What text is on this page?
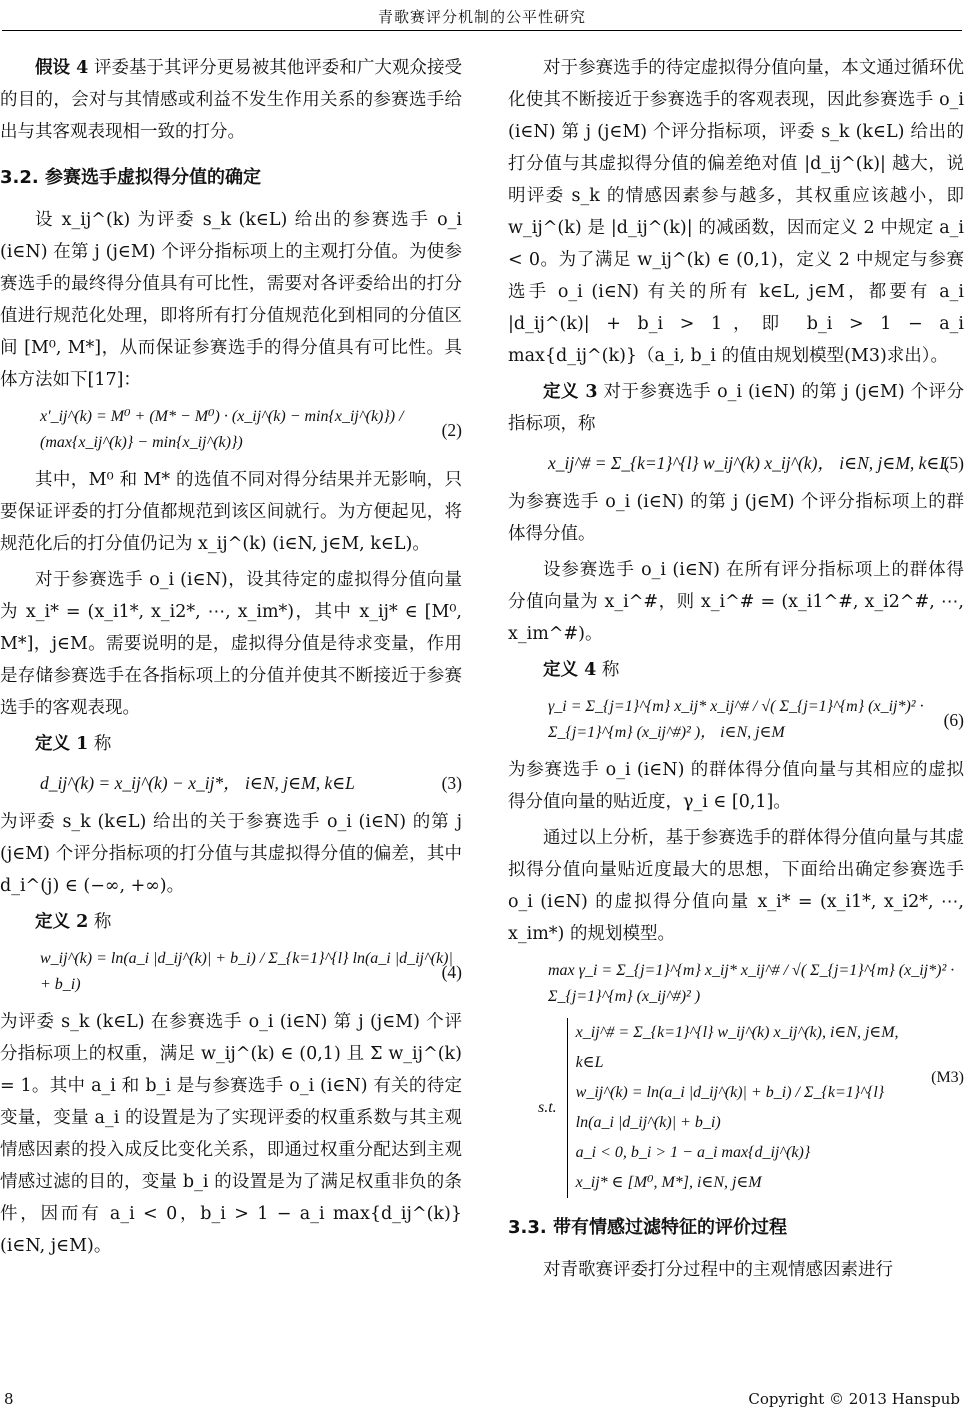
青歌赛评分机制的公平性研究

假设 4 评委基于其评分更易被其他评委和广大观众接受的目的，会对与其情感或利益不发生作用关系的参赛选手给出与其客观表现相一致的打分。

3.2. 参赛选手虚拟得分值的确定

设 x_ij^(k) 为评委 s_k (k∈L) 给出的参赛选手 o_i (i∈N) 在第 j (j∈M) 个评分指标项上的主观打分值。为使参赛选手的最终得分值具有可比性，需要对各评委给出的打分值进行规范化处理，即将所有打分值规范化到相同的分值区间 [M⁰, M*]，从而保证参赛选手的得分值具有可比性。具体方法如下[17]：

x′_ij^(k) = M⁰ + (M* − M⁰) · (x_ij^(k) − min{x_ij^(k)}) / (max{x_ij^(k)} − min{x_ij^(k)})
(2)

其中，M⁰ 和 M* 的选值不同对得分结果并无影响，只要保证评委的打分值都规范到该区间就行。为方便起见，将规范化后的打分值仍记为 x_ij^(k) (i∈N, j∈M, k∈L)。

对于参赛选手 o_i (i∈N)，设其待定的虚拟得分值向量为 x_i* = (x_i1*, x_i2*, ⋯, x_im*)，其中 x_ij* ∈ [M⁰, M*]，j∈M。需要说明的是，虚拟得分值是待求变量，作用是存储参赛选手在各指标项上的分值并使其不断接近于参赛选手的客观表现。

定义 1 称

d_ij^(k) = x_ij^(k) − x_ij*， i∈N, j∈M, k∈L	(3)

为评委 s_k (k∈L) 给出的关于参赛选手 o_i (i∈N) 的第 j (j∈M) 个评分指标项的打分值与其虚拟得分值的偏差，其中 d_i^(j) ∈ (−∞, +∞)。

定义 2 称

w_ij^(k) = ln(a_i |d_ij^(k)| + b_i) / Σ_{k=1}^{l} ln(a_i |d_ij^(k)| + b_i)
(4)

为评委 s_k (k∈L) 在参赛选手 o_i (i∈N) 第 j (j∈M) 个评分指标项上的权重，满足 w_ij^(k) ∈ (0,1) 且 Σ w_ij^(k) = 1。其中 a_i 和 b_i 是与参赛选手 o_i (i∈N) 有关的待定变量，变量 a_i 的设置是为了实现评委的权重系数与其主观情感因素的投入成反比变化关系，即通过权重分配达到主观情感过滤的目的，变量 b_i 的设置是为了满足权重非负的条件，因而有 a_i < 0，b_i > 1 − a_i max{d_ij^(k)} (i∈N, j∈M)。

对于参赛选手的待定虚拟得分值向量，本文通过循环优化使其不断接近于参赛选手的客观表现，因此参赛选手 o_i (i∈N) 第 j (j∈M) 个评分指标项，评委 s_k (k∈L) 给出的打分值与其虚拟得分值的偏差绝对值 |d_ij^(k)| 越大，说明评委 s_k 的情感因素参与越多，其权重应该越小，即 w_ij^(k) 是 |d_ij^(k)| 的减函数，因而定义 2 中规定 a_i < 0。为了满足 w_ij^(k) ∈ (0,1)，定义 2 中规定与参赛选手 o_i (i∈N) 有关的所有 k∈L, j∈M，都要有 a_i |d_ij^(k)| + b_i > 1，即 b_i > 1 − a_i max{d_ij^(k)}（a_i, b_i 的值由规划模型(M3)求出）。

定义 3 对于参赛选手 o_i (i∈N) 的第 j (j∈M) 个评分指标项，称

x_ij^# = Σ_{k=1}^{l} w_ij^(k) x_ij^(k)， i∈N, j∈M, k∈L
(5)

为参赛选手 o_i (i∈N) 的第 j (j∈M) 个评分指标项上的群体得分值。

设参赛选手 o_i (i∈N) 在所有评分指标项上的群体得分值向量为 x_i^#，则 x_i^# = (x_i1^#, x_i2^#, ⋯, x_im^#)。

定义 4 称

γ_i = Σ_{j=1}^{m} x_ij* x_ij^# / √( Σ_{j=1}^{m} (x_ij*)² · Σ_{j=1}^{m} (x_ij^#)² )， i∈N, j∈M
(6)

为参赛选手 o_i (i∈N) 的群体得分值向量与其相应的虚拟得分值向量的贴近度，γ_i ∈ [0,1]。

通过以上分析，基于参赛选手的群体得分值向量与其虚拟得分值向量贴近度最大的思想，下面给出确定参赛选手 o_i (i∈N) 的虚拟得分值向量 x_i* = (x_i1*, x_i2*, ⋯, x_im*) 的规划模型。

max γ_i = Σ_{j=1}^{m} x_ij* x_ij^# / √( Σ_{j=1}^{m} (x_ij*)² · Σ_{j=1}^{m} (x_ij^#)² )
s.t.
x_ij^# = Σ_{k=1}^{l} w_ij^(k) x_ij^(k), i∈N, j∈M, k∈L
w_ij^(k) = ln(a_i |d_ij^(k)| + b_i) / Σ_{k=1}^{l} ln(a_i |d_ij^(k)| + b_i)
a_i < 0, b_i > 1 − a_i max{d_ij^(k)}
x_ij* ∈ [M⁰, M*], i∈N, j∈M
(M3)
3.3. 带有情感过滤特征的评价过程

对青歌赛评委打分过程中的主观情感因素进行

8	Copyright © 2013 Hanspub
